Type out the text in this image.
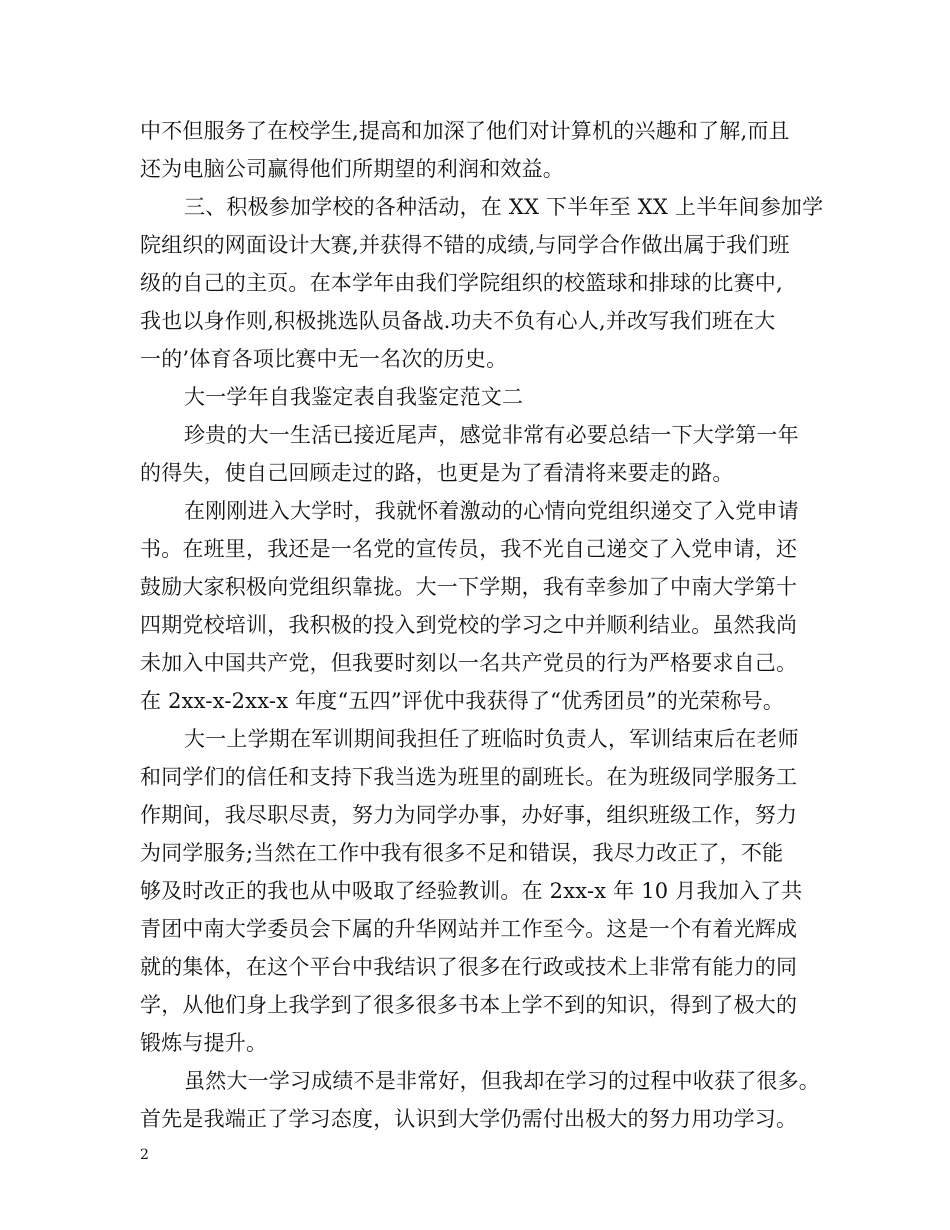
中不但服务了在校学生,提高和加深了他们对计算机的兴趣和了解,而且
还为电脑公司赢得他们所期望的利润和效益。
三、积极参加学校的各种活动，在 XX 下半年至 XX 上半年间参加学
院组织的网面设计大赛,并获得不错的成绩,与同学合作做出属于我们班
级的自己的主页。在本学年由我们学院组织的校篮球和排球的比赛中,
我也以身作则,积极挑选队员备战.功夫不负有心人,并改写我们班在大
一的’体育各项比赛中无一名次的历史。
大一学年自我鉴定表自我鉴定范文二
珍贵的大一生活已接近尾声，感觉非常有必要总结一下大学第一年
的得失，使自己回顾走过的路，也更是为了看清将来要走的路。
在刚刚进入大学时，我就怀着激动的心情向党组织递交了入党申请
书。在班里，我还是一名党的宣传员，我不光自己递交了入党申请，还
鼓励大家积极向党组织靠拢。大一下学期，我有幸参加了中南大学第十
四期党校培训，我积极的投入到党校的学习之中并顺利结业。虽然我尚
未加入中国共产党，但我要时刻以一名共产党员的行为严格要求自己。
在 2xx-x-2xx-x 年度“五四”评优中我获得了“优秀团员”的光荣称号。
大一上学期在军训期间我担任了班临时负责人，军训结束后在老师
和同学们的信任和支持下我当选为班里的副班长。在为班级同学服务工
作期间，我尽职尽责，努力为同学办事，办好事，组织班级工作，努力
为同学服务;当然在工作中我有很多不足和错误，我尽力改正了，不能
够及时改正的我也从中吸取了经验教训。在 2xx-x 年 10 月我加入了共
青团中南大学委员会下属的升华网站并工作至今。这是一个有着光辉成
就的集体，在这个平台中我结识了很多在行政或技术上非常有能力的同
学，从他们身上我学到了很多很多书本上学不到的知识，得到了极大的
锻炼与提升。
虽然大一学习成绩不是非常好，但我却在学习的过程中收获了很多。
首先是我端正了学习态度，认识到大学仍需付出极大的努力用功学习。
2
